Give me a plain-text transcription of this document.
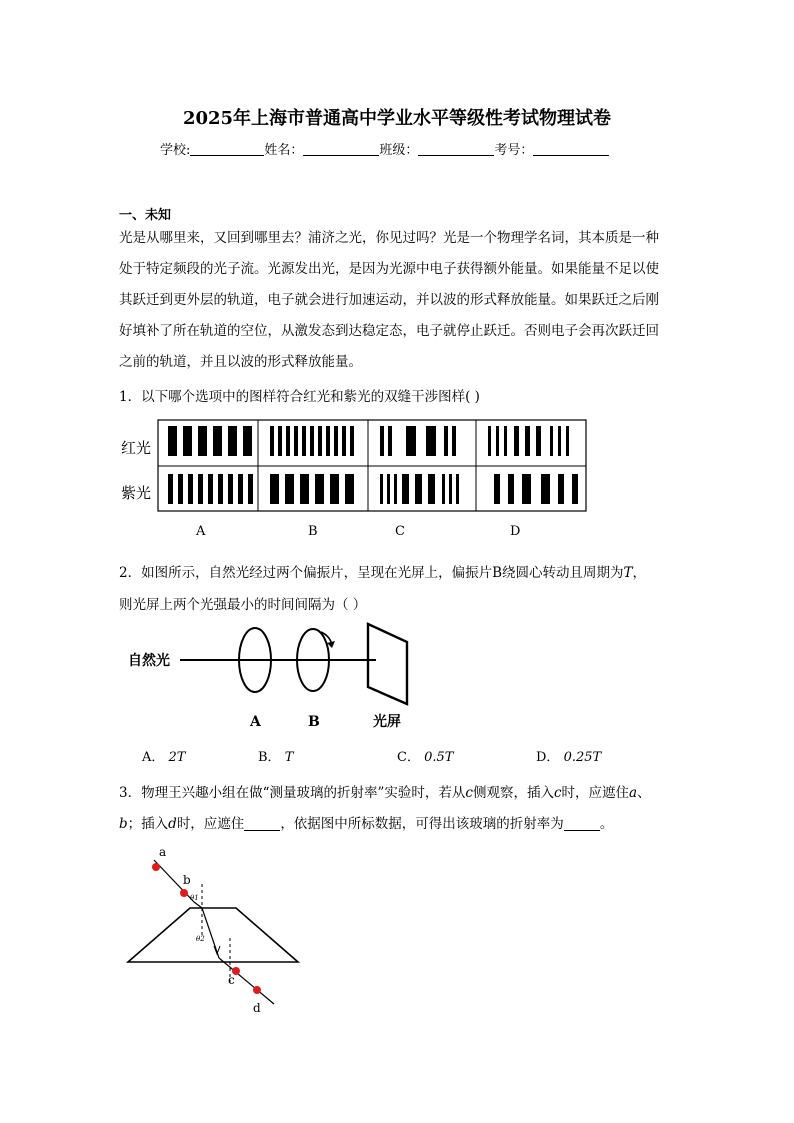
2025年上海市普通高中学业水平等级性考试物理试卷
学校:	姓名：	班级：	考号：
一、未知
光是从哪里来，又回到哪里去？浦济之光，你见过吗？光是一个物理学名词，其本质是一种
处于特定频段的光子流。光源发出光，是因为光源中电子获得额外能量。如果能量不足以使
其跃迁到更外层的轨道，电子就会进行加速运动，并以波的形式释放能量。如果跃迁之后刚
好填补了所在轨道的空位，从激发态到达稳定态，电子就停止跃迁。否则电子会再次跃迁回
之前的轨道，并且以波的形式释放能量。
1．以下哪个选项中的图样符合红光和紫光的双缝干涉图样( )
红光
紫光
A	B	C	D
2．如图所示，自然光经过两个偏振片，呈现在光屏上，偏振片B绕圆心转动且周期为T，
则光屏上两个光强最小的时间间隔为（ ）
自然光
A	B	光屏
A． 2T	B． T	C． 0.5T	D． 0.25T
3．物理王兴趣小组在做“测量玻璃的折射率”实验时，若从c侧观察，插入c时，应遮住a、
b；插入d时，应遮住	，依据图中所标数据，可得出该玻璃的折射率为	。
a
b
c
d
θ1
θ2
